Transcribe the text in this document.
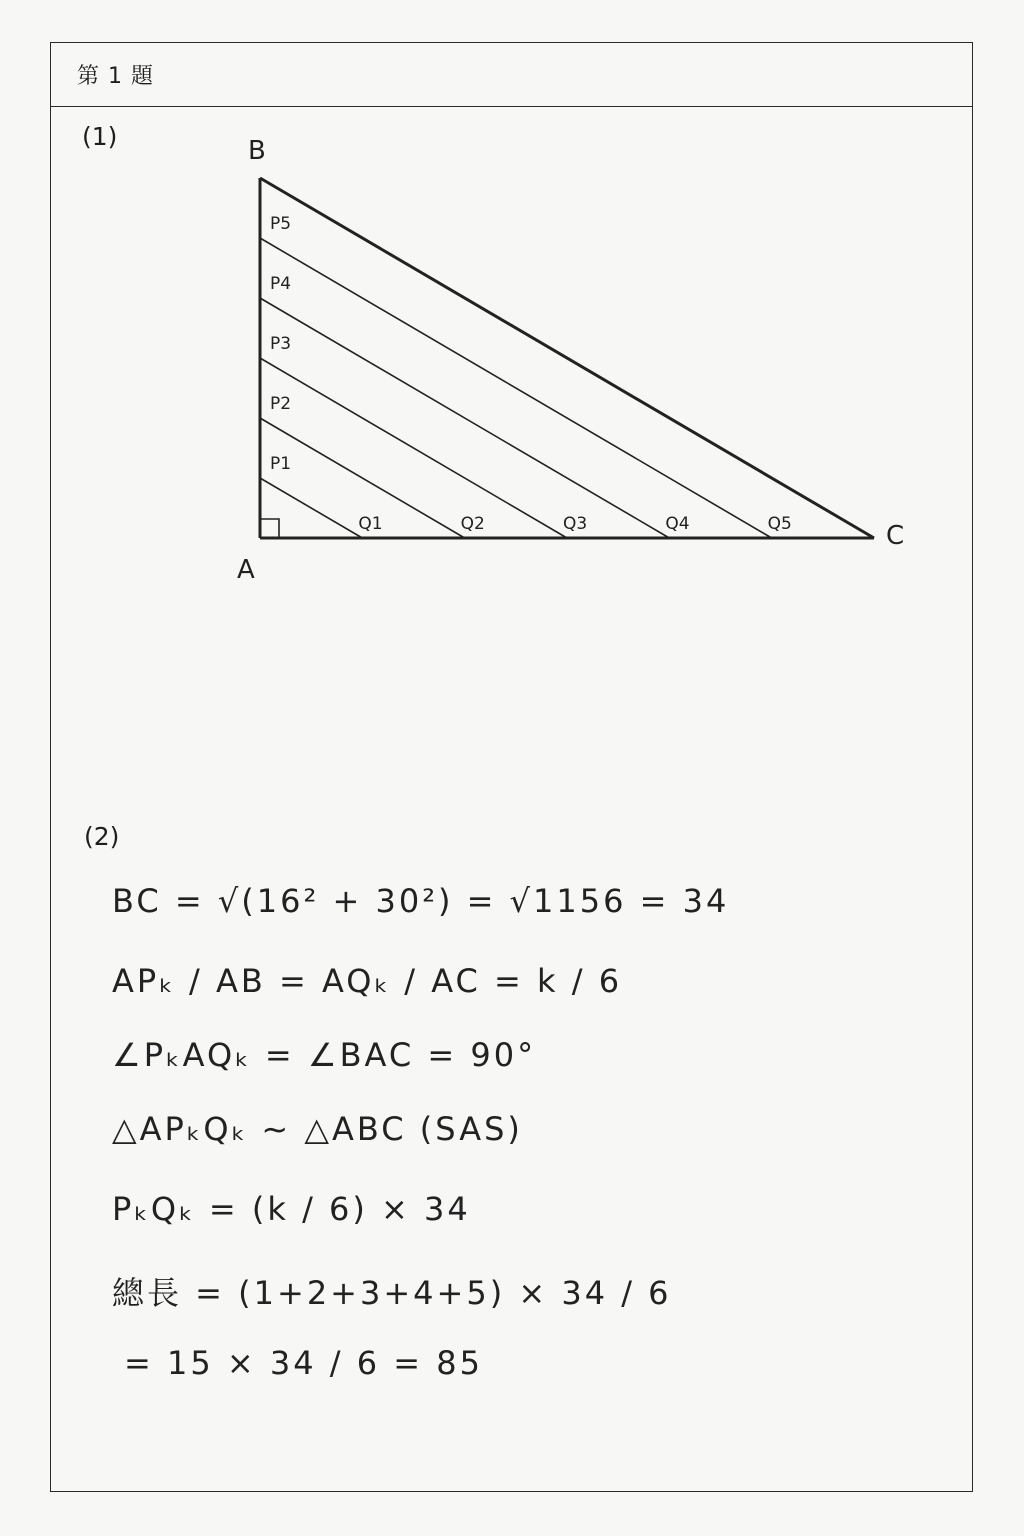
第 1 題
(1)	B
A
C
P1
P2
P3
P4
P5
Q1	Q2	Q3	Q4	Q5
(2)
BC = √(16² + 30²) = √1156 = 34
APₖ / AB = AQₖ / AC = k / 6
∠PₖAQₖ = ∠BAC = 90°
△APₖQₖ ~ △ABC (SAS)
PₖQₖ = (k / 6) × 34
總長 = (1+2+3+4+5) × 34 / 6
= 15 × 34 / 6 = 85
